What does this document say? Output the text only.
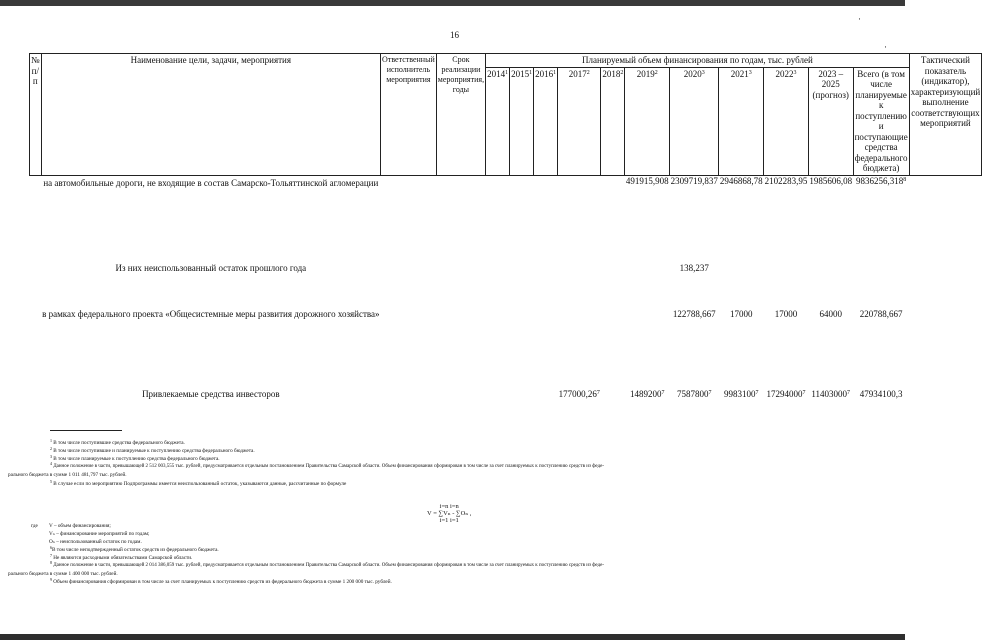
16
·
·
№ п/п	Наименование цели, задачи, мероприятия	Ответственный исполнитель мероприятия	Срок реализации мероприятия, годы	Планируемый объем финансирования по годам, тыс. рублей											Тактический показатель (индикатор), характеризующий выполнение соответствующих мероприятий
				2014$^1$	2015$^1$	2016$^1$	2017$^2$	2018$^2$	2019$^2$	2020$^3$	2021$^3$	2022$^3$	2023 – 2025 (прогноз)	Всего (в том числе планируемые к поступлению и поступающие средства федерального бюджета)	
	на автомобильные дороги, не входящие в состав Самарско-Тольяттинской агломерации								491915,908	2309719,837	2946868,78	2102283,95	1985606,08	9836256,318$^8$	
	Из них неиспользованный остаток прошлого года									138,237					
	в рамках федерального проекта «Общесистемные меры развития дорожного хозяйства»									122788,667	17000	17000	64000	220788,667	
	Привлекаемые средства инвесторов						177000,26$^7$		1489200$^7$	7587800$^7$	9983100$^7$	17294000$^7$	11403000$^7$	47934100,3	
$^1$ В том числе поступившие средства федерального бюджета.
$^2$ В том числе поступившие и планируемые к поступлению средства федерального бюджета.
$^3$ В том числе планируемые к поступлению средства федерального бюджета.
$^4$ Данное положение в части, превышающей 2 512 003,555 тыс. рублей, предусматривается отдельным постановлением Правительства Самарской области. Объем финансирования сформирован в том числе за счет планируемых к поступлению средств из феде-
рального бюджета в сумме 1 011 481,797 тыс. рублей.
$^5$ В случае если по мероприятию Подпрограммы имеется неиспользованный остаток, указываются данные, рассчитанные по формуле
i=n i=n
V = ∑Vₙ - ∑Oₙ ,
i=1 i=1
где V – объем финансирования;
Vₙ – финансирование мероприятий по годам;
Oₙ – неиспользованный остаток по годам.
$^6$В том числе неподтвержденный остаток средств из федерального бюджета.
$^7$ Не являются расходными обязательствами Самарской области.
$^8$ Данное положение в части, превышающей 2 014 386,059 тыс. рублей, предусматривается отдельным постановлением Правительства Самарской области. Объем финансирования сформирован в том числе за счет планируемых к поступлению средств из феде-
рального бюджета в сумме 1 400 000 тыс. рублей.
$^9$ Объем финансирования сформирован в том числе за счет планируемых к поступлению средств из федерального бюджета в сумме 1 200 000 тыс. рублей.
